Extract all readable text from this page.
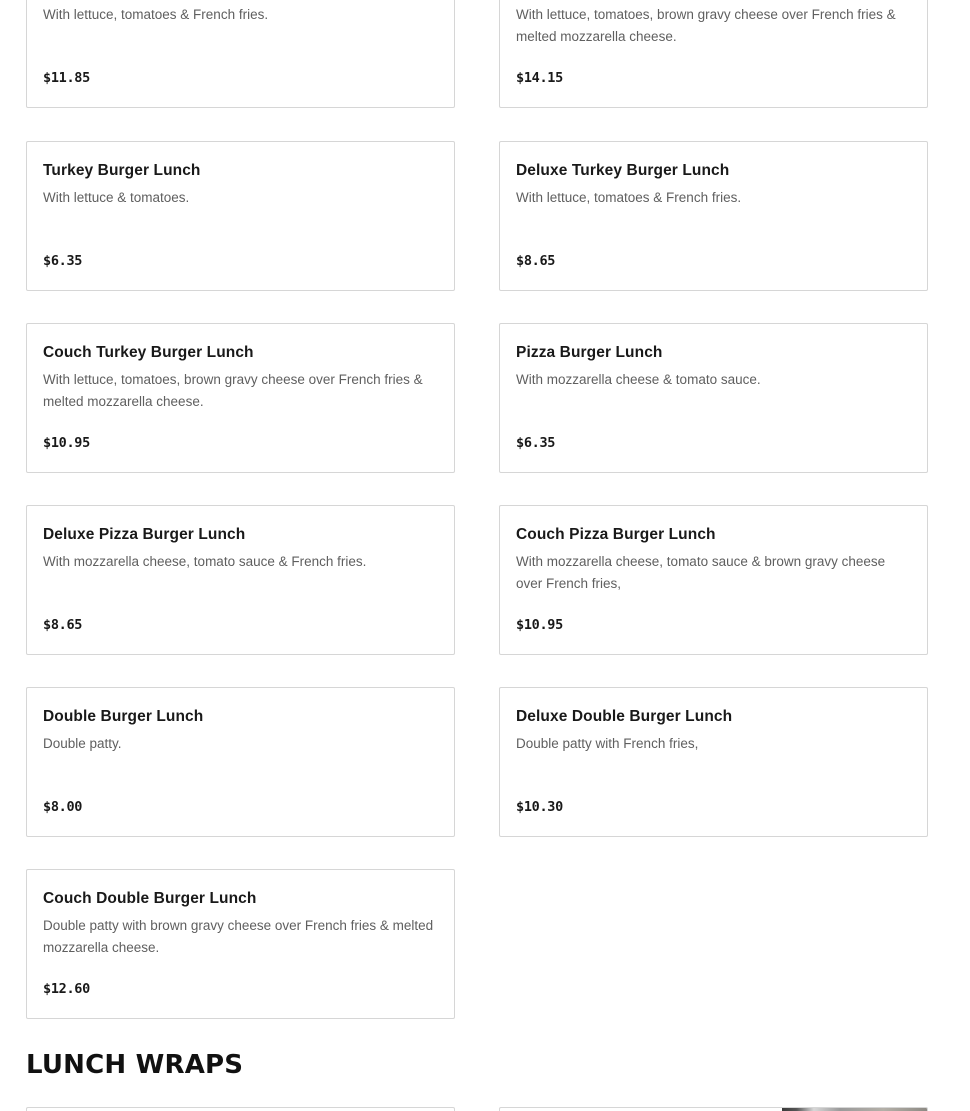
With lettuce, tomatoes & French fries.
$11.85
With lettuce, tomatoes, brown gravy cheese over French fries & melted mozzarella cheese.
$14.15
Turkey Burger Lunch
With lettuce & tomatoes.
$6.35
Deluxe Turkey Burger Lunch
With lettuce, tomatoes & French fries.
$8.65
Couch Turkey Burger Lunch
With lettuce, tomatoes, brown gravy cheese over French fries & melted mozzarella cheese.
$10.95
Pizza Burger Lunch
With mozzarella cheese & tomato sauce.
$6.35
Deluxe Pizza Burger Lunch
With mozzarella cheese, tomato sauce & French fries.
$8.65
Couch Pizza Burger Lunch
With mozzarella cheese, tomato sauce & brown gravy cheese over French fries,
$10.95
Double Burger Lunch
Double patty.
$8.00
Deluxe Double Burger Lunch
Double patty with French fries,
$10.30
Couch Double Burger Lunch
Double patty with brown gravy cheese over French fries & melted mozzarella cheese.
$12.60
LUNCH WRAPS
